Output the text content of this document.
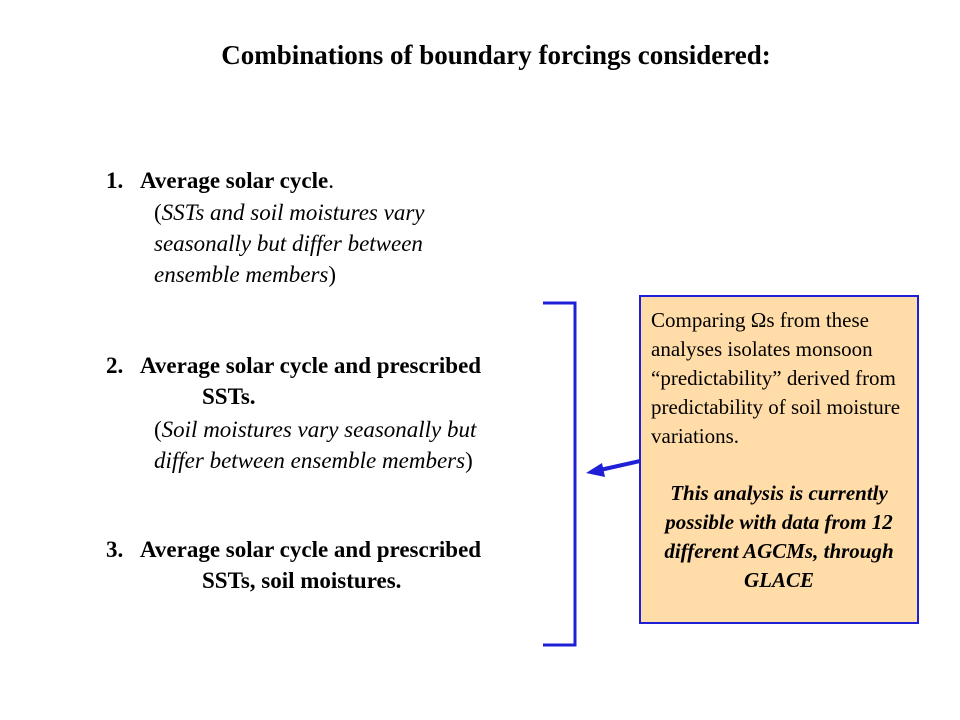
Combinations of boundary forcings considered:
1. Average solar cycle.
(SSTs and soil moistures vary
seasonally but differ between
ensemble members)
2. Average solar cycle and prescribed
SSTs.
(Soil moistures vary seasonally but
differ between ensemble members)
3. Average solar cycle and prescribed
SSTs, soil moistures.

Comparing Ωs from these analyses isolates monsoon “predictability” derived from predictability of soil moisture variations.

This analysis is currently possible with data from 12 different AGCMs, through GLACE
